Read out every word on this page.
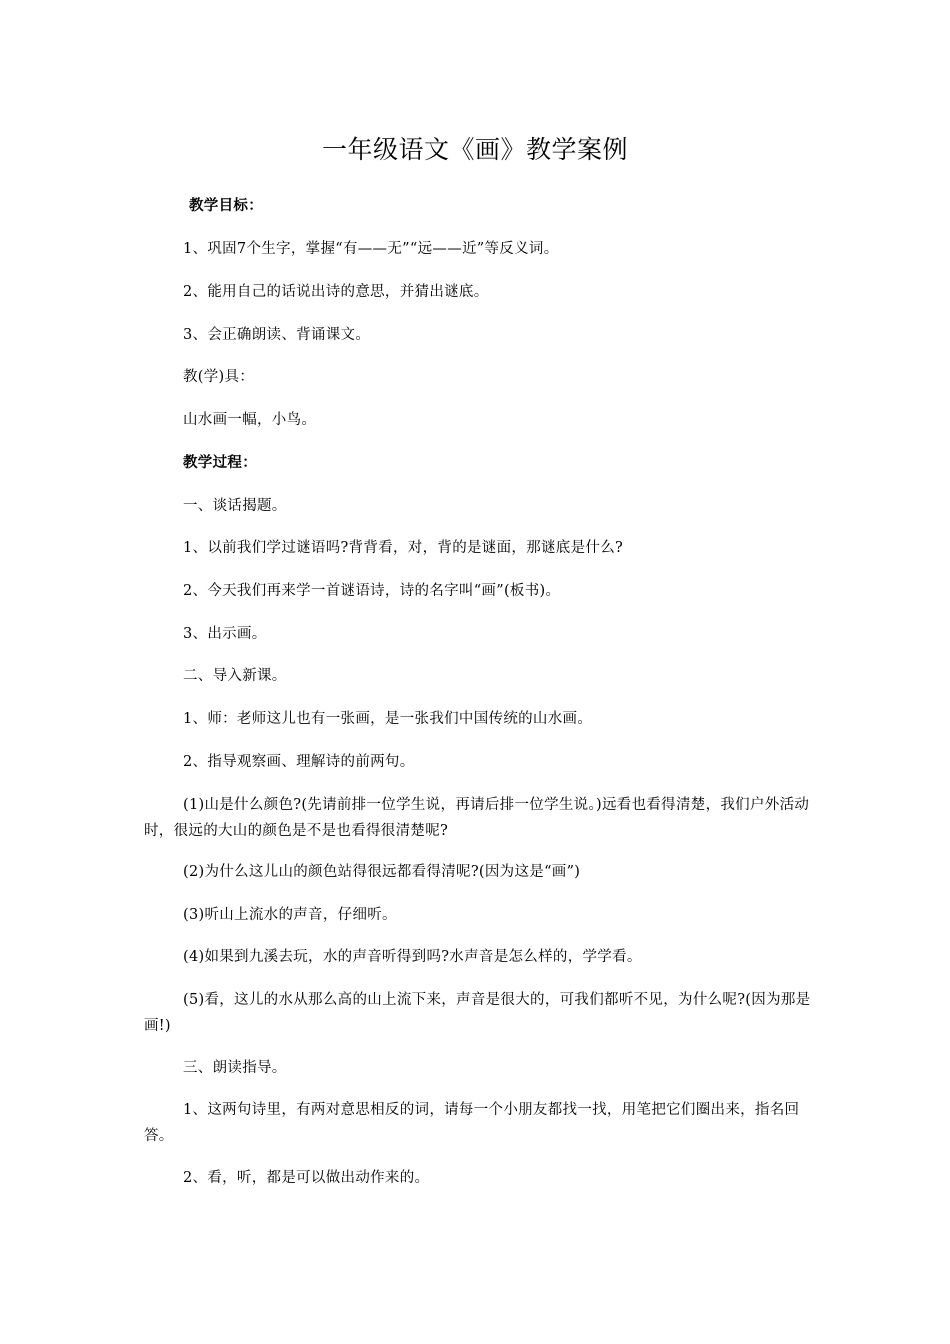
一年级语文《画》教学案例
教学目标：
1、巩固7个生字，掌握“有——无”“远——近”等反义词。
2、能用自己的话说出诗的意思，并猜出谜底。
3、会正确朗读、背诵课文。
教(学)具：
山水画一幅，小鸟。
教学过程：
一、谈话揭题。
1、以前我们学过谜语吗?背背看，对，背的是谜面，那谜底是什么?
2、今天我们再来学一首谜语诗，诗的名字叫“画”(板书)。
3、出示画。
二、导入新课。
1、师：老师这儿也有一张画，是一张我们中国传统的山水画。
2、指导观察画、理解诗的前两句。
(1)山是什么颜色?(先请前排一位学生说，再请后排一位学生说。)远看也看得清楚，我们户外活动时，很远的大山的颜色是不是也看得很清楚呢?
(2)为什么这儿山的颜色站得很远都看得清呢?(因为这是“画”)
(3)听山上流水的声音，仔细听。
(4)如果到九溪去玩，水的声音听得到吗?水声音是怎么样的，学学看。
(5)看，这儿的水从那么高的山上流下来，声音是很大的，可我们都听不见，为什么呢?(因为那是画!)
三、朗读指导。
1、这两句诗里，有两对意思相反的词，请每一个小朋友都找一找，用笔把它们圈出来，指名回答。
2、看，听，都是可以做出动作来的。
